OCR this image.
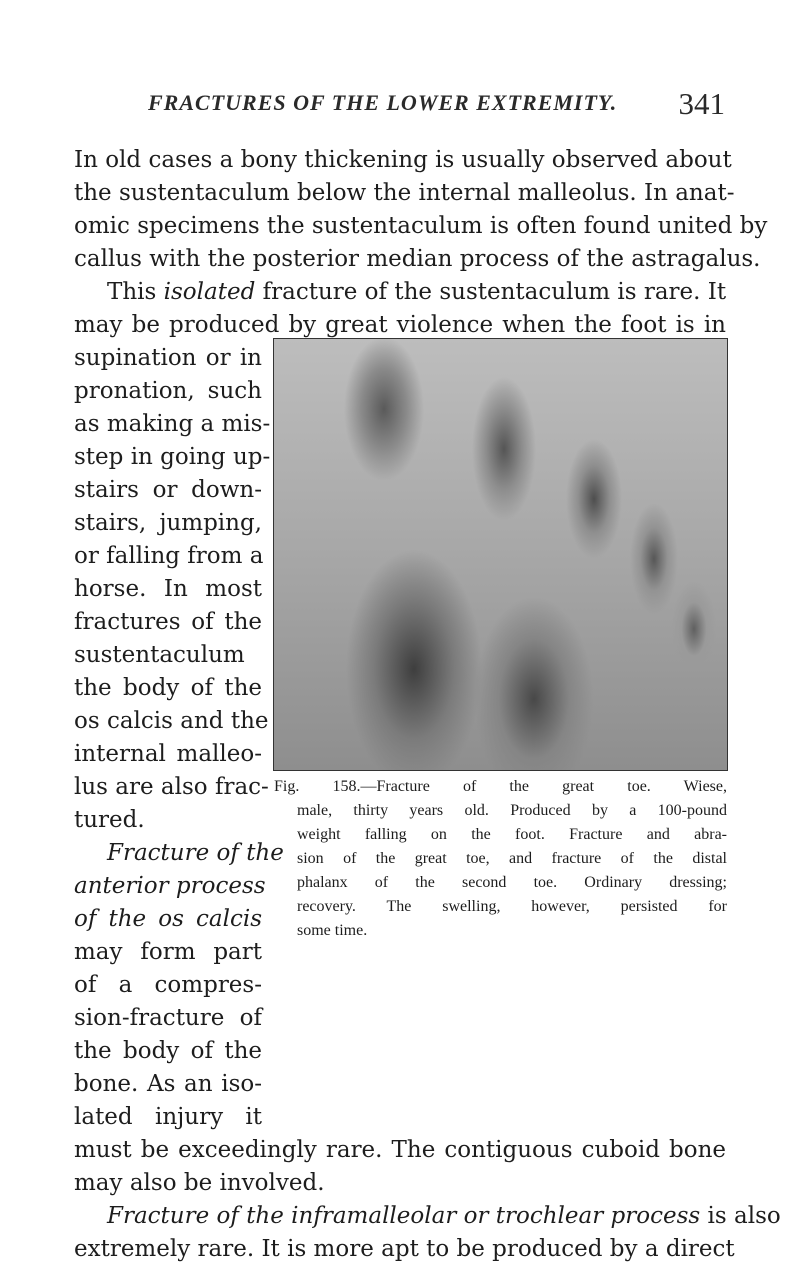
FRACTURES OF THE LOWER EXTREMITY. 341
In old cases a bony thickening is usually observed about
the sustentaculum below the internal malleolus. In anat-
omic specimens the sustentaculum is often found united by
callus with the posterior median process of the astragalus.
This isolated fracture of the sustentaculum is rare. It
may be produced by great violence when the foot is in
supination or in
pronation, such
as making a mis-
step in going up-
stairs or down-
stairs, jumping,
or falling from a
horse. In most
fractures of the
sustentaculum
the body of the
os calcis and the
internal malleo-
lus are also frac-
tured.
Fracture of the
anterior process
of the os calcis
may form part
of a compres-
sion-fracture of
the body of the
bone. As an iso-
lated injury it
Fig. 158.—Fracture of the great toe. Wiese,
male, thirty years old. Produced by a 100-pound
weight falling on the foot. Fracture and abra-
sion of the great toe, and fracture of the distal
phalanx of the second toe. Ordinary dressing;
recovery. The swelling, however, persisted for
some time.
must be exceedingly rare. The contiguous cuboid bone
may also be involved.
Fracture of the inframalleolar or trochlear process is also
extremely rare. It is more apt to be produced by a direct
